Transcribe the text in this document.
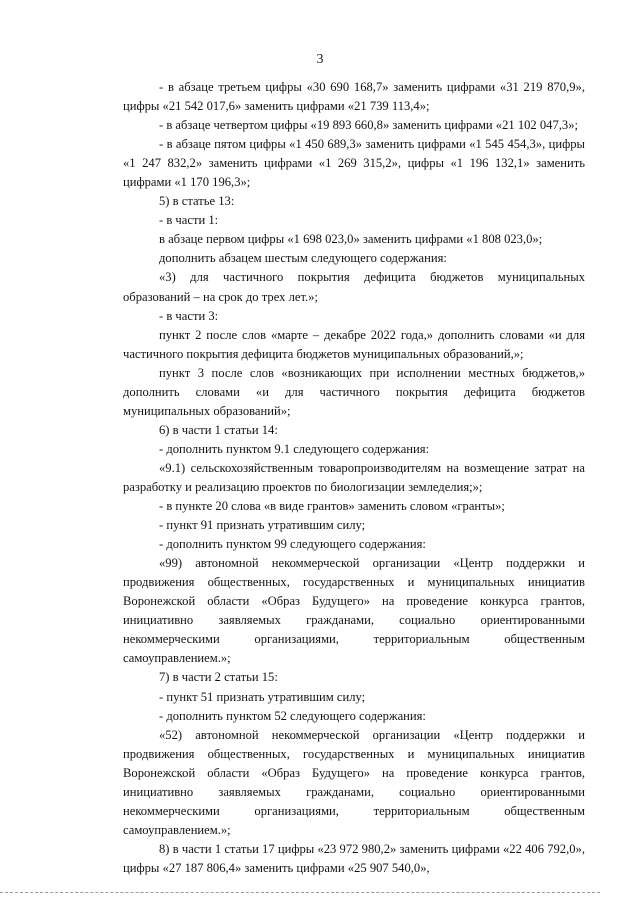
3

- в абзаце третьем цифры «30 690 168,7» заменить цифрами «31 219 870,9», цифры «21 542 017,6» заменить цифрами «21 739 113,4»;

- в абзаце четвертом цифры «19 893 660,8» заменить цифрами «21 102 047,3»;

- в абзаце пятом цифры «1 450 689,3» заменить цифрами «1 545 454,3», цифры «1 247 832,2» заменить цифрами «1 269 315,2», цифры «1 196 132,1» заменить цифрами «1 170 196,3»;

5) в статье 13:

- в части 1:

в абзаце первом цифры «1 698 023,0» заменить цифрами «1 808 023,0»;

дополнить абзацем шестым следующего содержания:

«3) для частичного покрытия дефицита бюджетов муниципальных образований – на срок до трех лет.»;

- в части 3:

пункт 2 после слов «марте – декабре 2022 года,» дополнить словами «и для частичного покрытия дефицита бюджетов муниципальных образований,»;

пункт 3 после слов «возникающих при исполнении местных бюджетов,» дополнить словами «и для частичного покрытия дефицита бюджетов муниципальных образований»;

6) в части 1 статьи 14:

- дополнить пунктом 9.1 следующего содержания:

«9.1) сельскохозяйственным товаропроизводителям на возмещение затрат на разработку и реализацию проектов по биологизации земледелия;»;

- в пункте 20 слова «в виде грантов» заменить словом «гранты»;

- пункт 91 признать утратившим силу;

- дополнить пунктом 99 следующего содержания:

«99) автономной некоммерческой организации «Центр поддержки и продвижения общественных, государственных и муниципальных инициатив Воронежской области «Образ Будущего» на проведение конкурса грантов, инициативно заявляемых гражданами, социально ориентированными некоммерческими организациями, территориальным общественным самоуправлением.»;

7) в части 2 статьи 15:

- пункт 51 признать утратившим силу;

- дополнить пунктом 52 следующего содержания:

«52) автономной некоммерческой организации «Центр поддержки и продвижения общественных, государственных и муниципальных инициатив Воронежской области «Образ Будущего» на проведение конкурса грантов, инициативно заявляемых гражданами, социально ориентированными некоммерческими организациями, территориальным общественным самоуправлением.»;

8) в части 1 статьи 17 цифры «23 972 980,2» заменить цифрами «22 406 792,0», цифры «27 187 806,4» заменить цифрами «25 907 540,0»,
